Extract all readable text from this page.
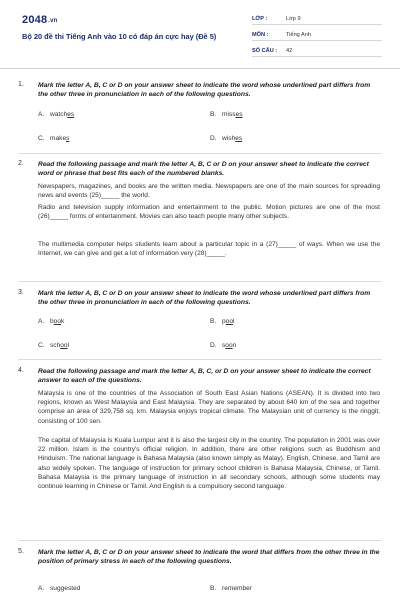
2048.vn
Bộ 20 đề thi Tiếng Anh vào 10 có đáp án cực hay (Đề 5)
LỚP :	Lớp 9
MÔN :	Tiếng Anh
SỐ CÂU :	42
1. Mark the letter A, B, C or D on your answer sheet to indicate the word whose underlined part differs from the other three in pronunciation in each of the following questions.
A. watches	B. misses
C. makes	D. wishes
2. Read the following passage and mark the letter A, B, C or D on your answer sheet to indicate the correct word or phrase that best fits each of the numbered blanks.
Newspapers, magazines, and books are the written media. Newspapers are one of the main sources for spreading news and events (25)_____ the world.
Radio and television supply information and entertainment to the public. Motion pictures are one of the most (26)_____ forms of entertainment. Movies can also teach people many other subjects.
The multimedia computer helps students learn about a particular topic in a (27)_____ of ways. When we use the Internet, we can give and get a lot of information very (28)_____.
3. Mark the letter A, B, C or D on your answer sheet to indicate the word whose underlined part differs from the other three in pronunciation in each of the following questions.
A. book	B. pool
C. school	D. soon
4. Read the following passage and mark the letter A, B, C, or D on your answer sheet to indicate the correct answer to each of the questions.
Malaysia is one of the countries of the Association of South East Asian Nations (ASEAN). It is divided into two regions, known as West Malaysia and East Malaysia. They are separated by about 640 km of the sea and together comprise an area of 329,758 sq. km. Malaysia enjoys tropical climate. The Malaysian unit of currency is the ringgit, consisting of 100 sen.
The capital of Malaysia is Kuala Lumpur and it is also the largest city in the country. The population in 2001 was over 22 million. Islam is the country's official religion. In addition, there are other religions such as Buddhism and Hinduism. The national language is Bahasa Malaysia (also known simply as Malay). English, Chinese, and Tamil are also widely spoken. The language of instruction for primary school children is Bahasa Malaysia, Chinese, or Tamil. Bahasa Malaysia is the primary language of instruction in all secondary schools, although some students may continue learning in Chinese or Tamil. And English is a compulsory second language.
5. Mark the letter A, B, C or D on your answer sheet to indicate the word that differs from the other three in the position of primary stress in each of the following questions.
A. suggested	B. remember
